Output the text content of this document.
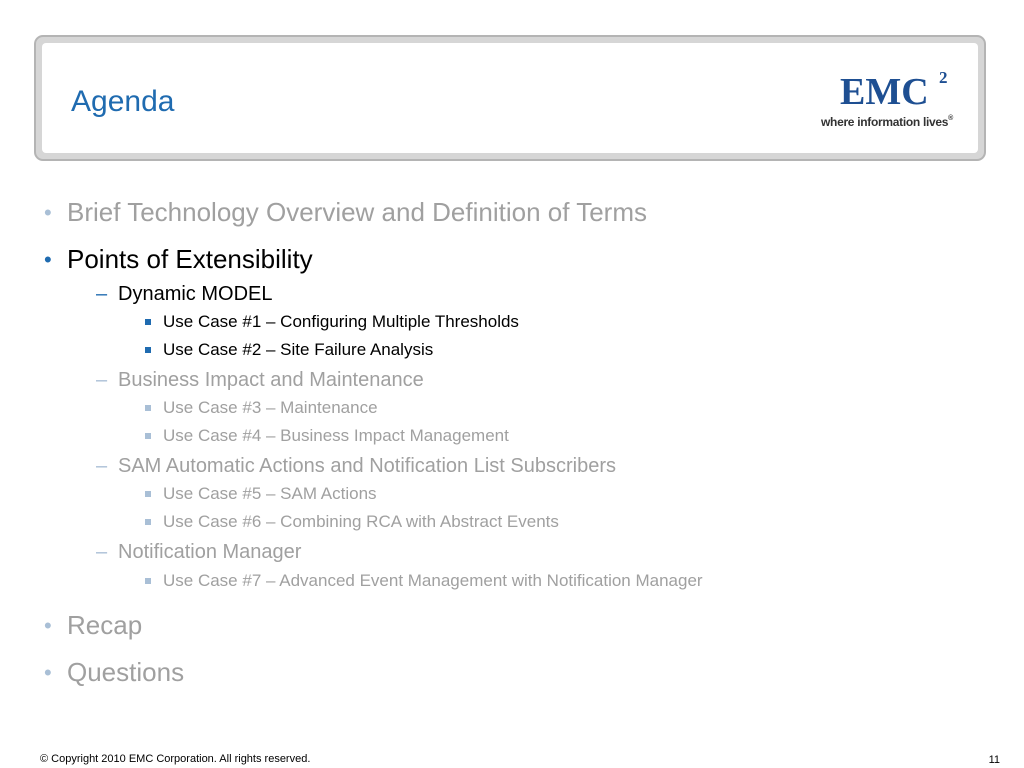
Agenda	EMC 2
where information lives®
• Brief Technology Overview and Definition of Terms
• Points of Extensibility
– Dynamic MODEL
Use Case #1 – Configuring Multiple Thresholds
Use Case #2 – Site Failure Analysis
– Business Impact and Maintenance
Use Case #3 – Maintenance
Use Case #4 – Business Impact Management
– SAM Automatic Actions and Notification List Subscribers
Use Case #5 – SAM Actions
Use Case #6 – Combining RCA with Abstract Events
– Notification Manager
Use Case #7 – Advanced Event Management with Notification Manager
• Recap
• Questions
© Copyright 2010 EMC Corporation. All rights reserved.	11
